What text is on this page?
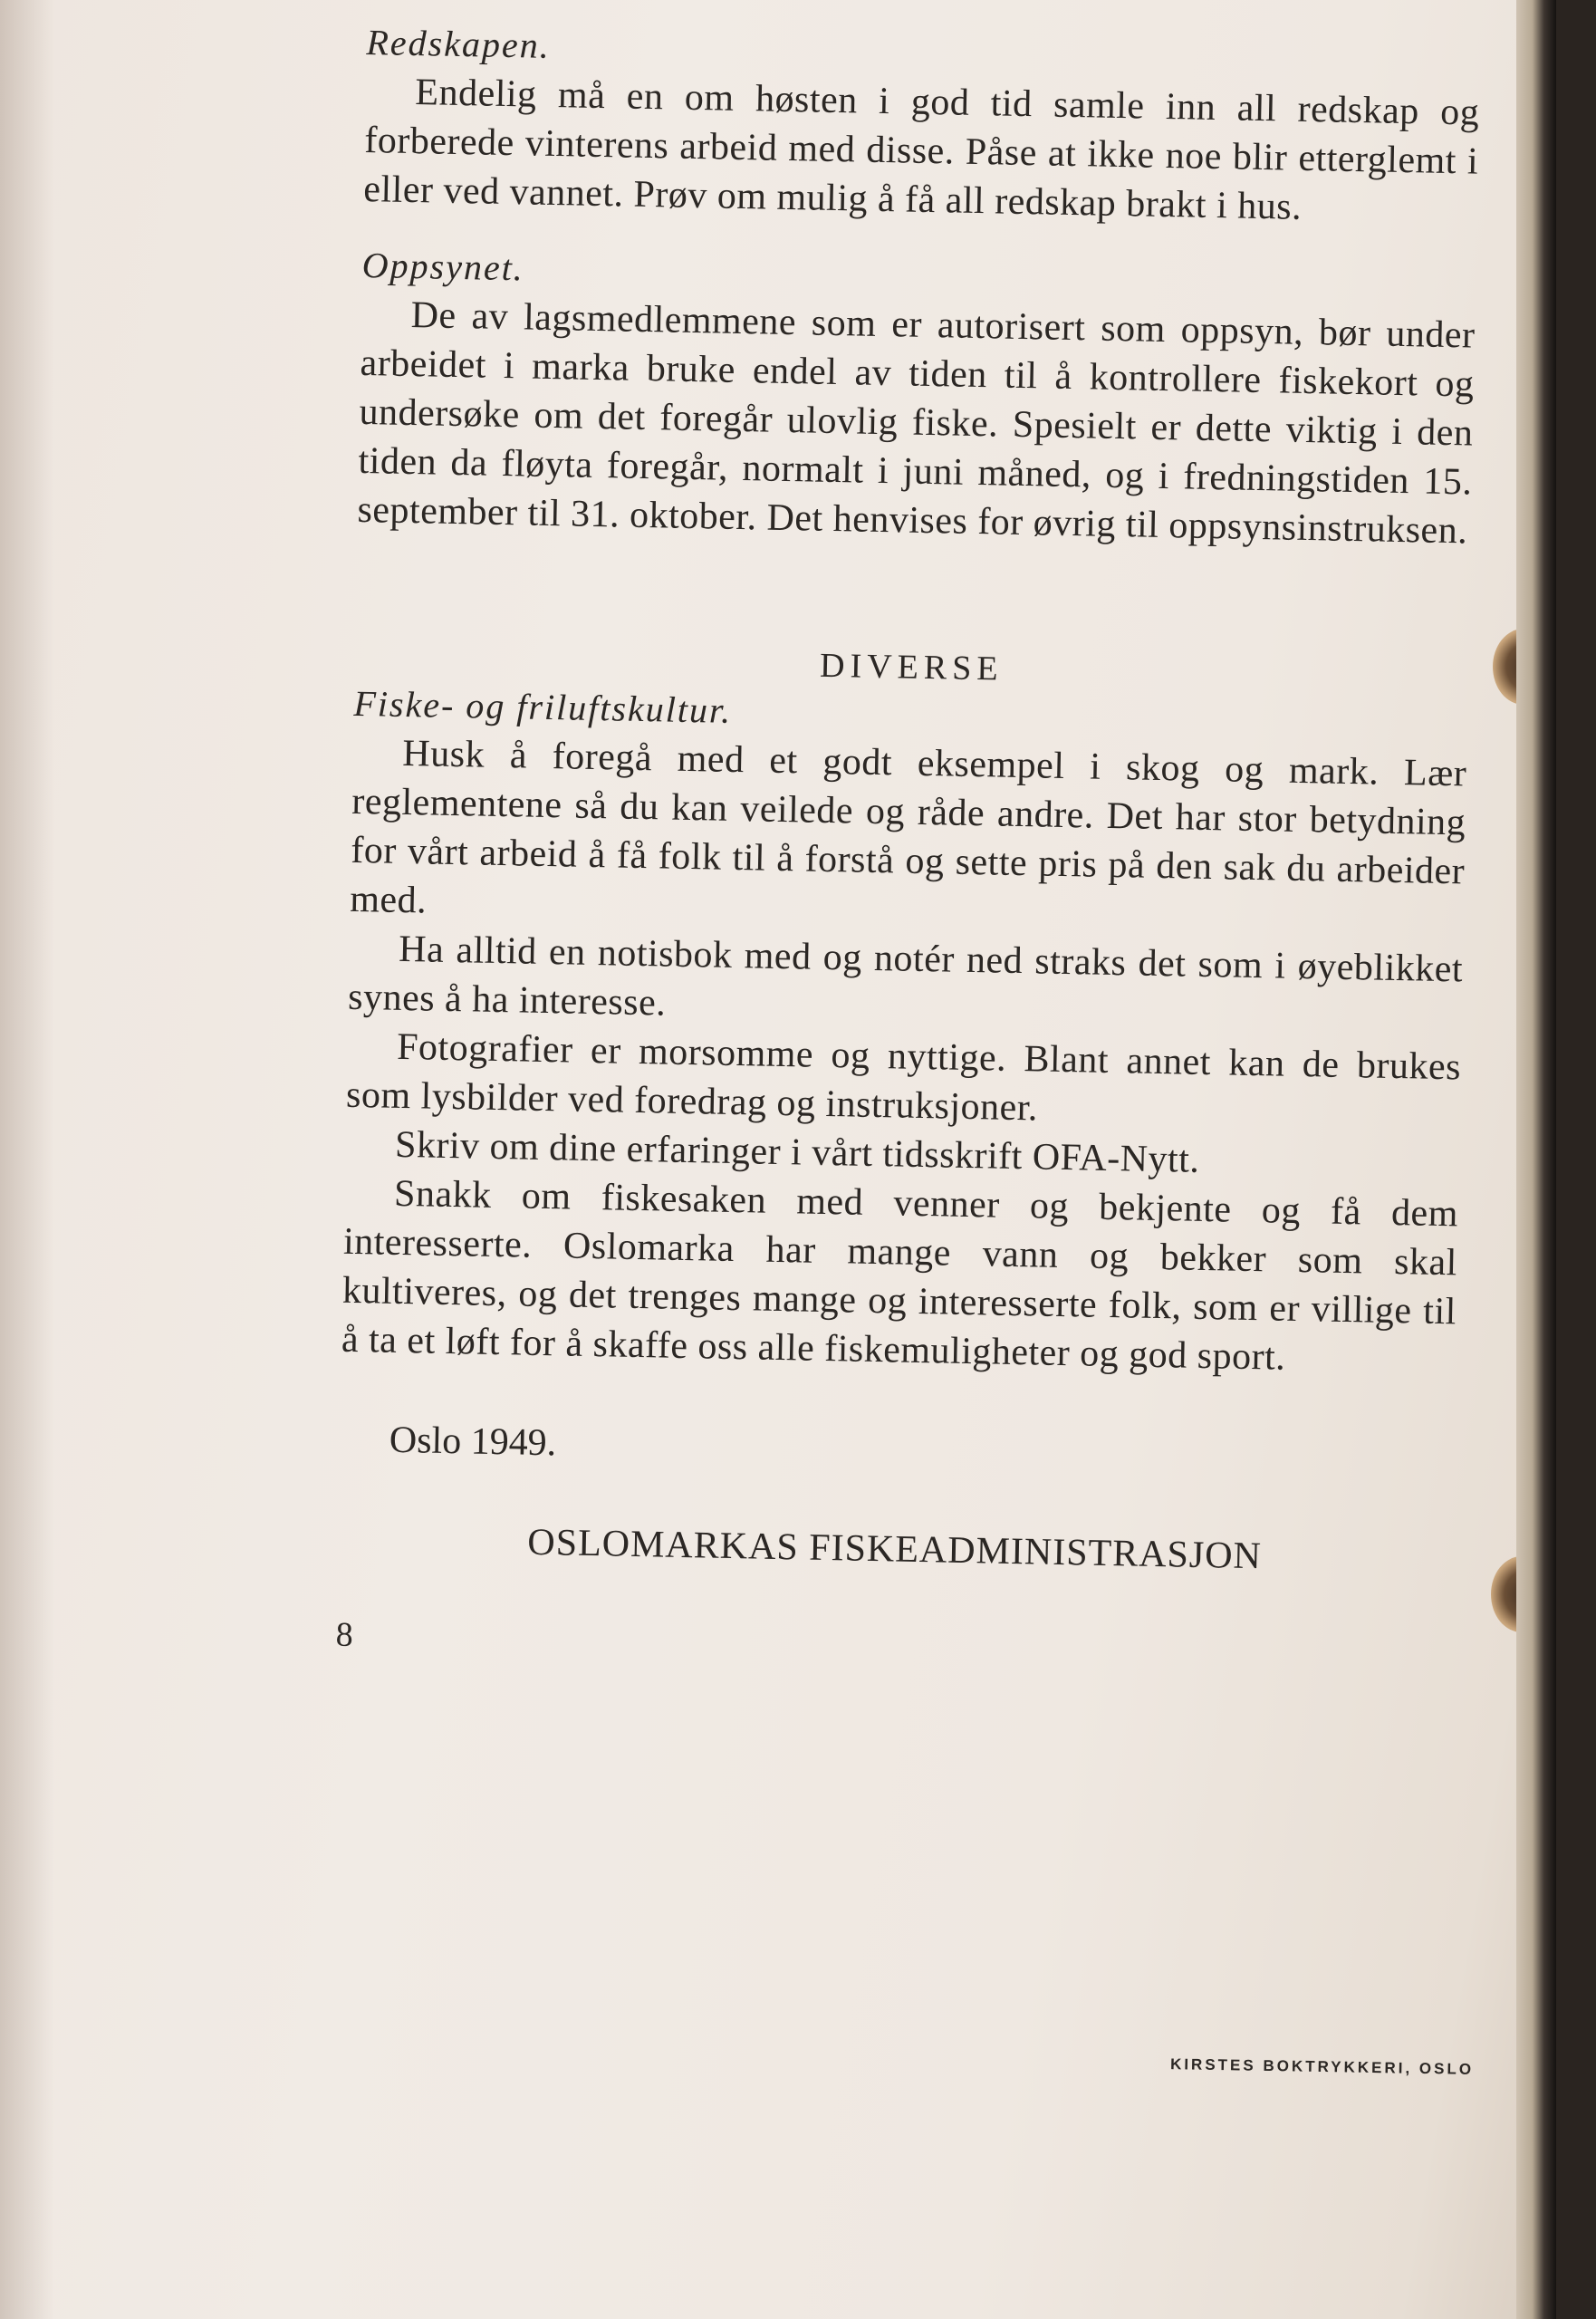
Redskapen.

Endelig må en om høsten i god tid samle inn all redskap og forberede vinterens arbeid med disse. Påse at ikke noe blir etterglemt i eller ved vannet. Prøv om mulig å få all redskap brakt i hus.

Oppsynet.

De av lagsmedlemmene som er autorisert som oppsyn, bør under arbeidet i marka bruke endel av tiden til å kontrollere fiskekort og undersøke om det foregår ulovlig fiske. Spesielt er dette viktig i den tiden da fløyta foregår, normalt i juni måned, og i fredningstiden 15. september til 31. oktober. Det henvises for øvrig til oppsynsinstruksen.

DIVERSE

Fiske- og friluftskultur.

Husk å foregå med et godt eksempel i skog og mark. Lær reglementene så du kan veilede og råde andre. Det har stor betydning for vårt arbeid å få folk til å forstå og sette pris på den sak du arbeider med.

Ha alltid en notisbok med og notér ned straks det som i øyeblikket synes å ha interesse.

Fotografier er morsomme og nyttige. Blant annet kan de brukes som lysbilder ved foredrag og instruksjoner.

Skriv om dine erfaringer i vårt tidsskrift OFA-Nytt.

Snakk om fiskesaken med venner og bekjente og få dem interesserte. Oslomarka har mange vann og bekker som skal kultiveres, og det trenges mange og interesserte folk, som er villige til å ta et løft for å skaffe oss alle fiskemuligheter og god sport.

Oslo 1949.

OSLOMARKAS FISKEADMINISTRASJON

8

KIRSTES BOKTRYKKERI, OSLO
